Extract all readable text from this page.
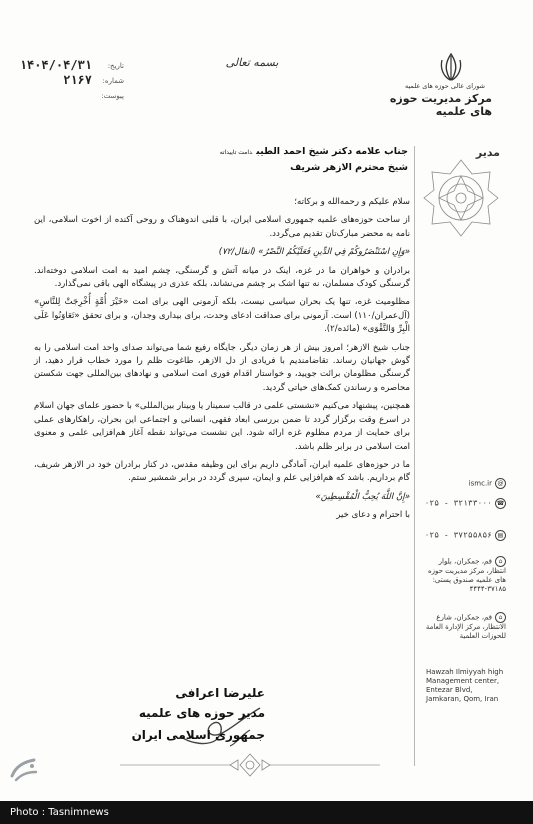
شورای عالی حوزه های علمیه
مرکز مدیریت حوزه های علمیه
بسمه تعالی
تاریخ:
۱۴۰۴/۰۴/۳۱
شماره:
۲۱۶۷
پیوست:
مدیر
@ismc.ir
☎۰۲۵ - ۳۲۱۳۳۰۰۰
▤۰۲۵ - ۳۷۲۵۵۸۵۶
⌂قم، جمکران، بلوار انتظار، مرکز مدیریت حوزه های علمیه صندوق پستی: ۳۷۱۸۵-۴۴۴۴
⌂قم، جمکران، شارع الانتظار، مرکز الإدارة العامة للحوزات العلمیة
Hawzah Ilmiyyah high Management center, Entezar Blvd, Jamkaran, Qom, Iran
جناب علامه دکتر شیخ احمد الطیبدامت تاییداته
شیخ محترم الازهر شریف

سلام علیکم و رحمه‌الله و برکاته؛

از ساحت حوزه‌های علمیه جمهوری اسلامی ایران، با قلبی اندوهناک و روحی آکنده از اخوت اسلامی، این نامه به محضر مبارک‌تان تقدیم می‌گردد.

«وَإِنِ اسْتَنْصَرُوكُمْ فِي الدِّينِ فَعَلَيْكُمُ النَّصْرُ» (انفال/۷۲)

برادران و خواهران ما در غزه، اینک در میانه آتش و گرسنگی، چشم امید به امت اسلامی دوخته‌اند. گرسنگی کودک مسلمان، نه تنها اشک بر چشم می‌نشاند، بلکه عذری در پیشگاه الهی باقی نمی‌گذارد.

مظلومیت غزه، تنها یک بحران سیاسی نیست، بلکه آزمونی الهی برای امت «خَيْرَ أُمَّةٍ أُخْرِجَتْ لِلنَّاسِ» (آل‌عمران/۱۱۰) است. آزمونی برای صداقت ادعای وحدت، برای بیداری وجدان، و برای تحقق «تَعَاوَنُوا عَلَى الْبِرِّ وَالتَّقْوَى» (مائده/۲).

جناب شیخ الازهر؛ امروز بیش از هر زمان دیگر، جایگاه رفیع شما می‌تواند صدای واحد امت اسلامی را به گوش جهانیان رساند. تقاضامندیم با فریادی از دل الازهر، طاغوت ظلم را مورد خطاب قرار دهید، از گرسنگی مظلومان برائت جویید، و خواستار اقدام فوری امت اسلامی و نهادهای بین‌المللی جهت شکستن محاصره و رساندن کمک‌های حیاتی گردید.

همچنین، پیشنهاد می‌کنیم «نشستی علمی در قالب سمینار یا وبینار بین‌المللی» با حضور علمای جهان اسلام در اسرع وقت برگزار گردد تا ضمن بررسی ابعاد فقهی، انسانی و اجتماعی این بحران، راهکارهای عملی برای حمایت از مردم مظلوم غزه ارائه شود. این نشست می‌تواند نقطه آغاز هم‌افزایی علمی و معنوی امت اسلامی در برابر ظلم باشد.

ما در حوزه‌های علمیه ایران، آمادگی داریم برای این وظیفه مقدس، در کنار برادران خود در الازهر شریف، گام برداریم. باشد که هم‌افزایی علم و ایمان، سپری گردد در برابر شمشیر ستم.

«إِنَّ اللَّهَ يُحِبُّ الْمُقْسِطِينَ»

با احترام و دعای خیر

علیرضا اعرافی
مدیر حوزه های علمیه
جمهوری اسلامی ایران
Photo : Tasnimnews
